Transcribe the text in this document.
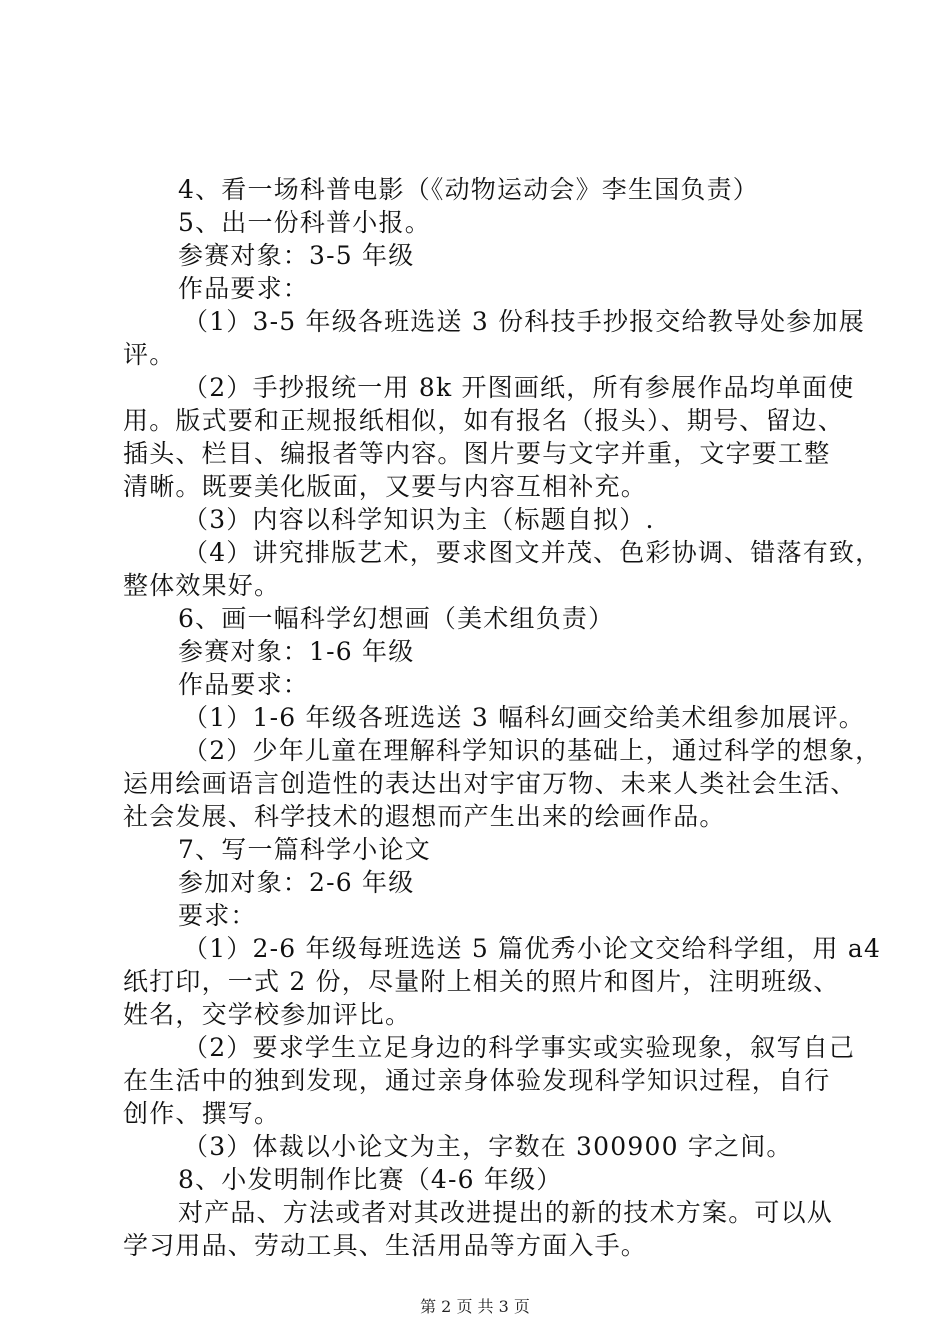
4、看一场科普电影（《动物运动会》李生国负责）
5、出一份科普小报。
参赛对象：3-5 年级
作品要求：
（1）3-5 年级各班选送 3 份科技手抄报交给教导处参加展
评。
（2）手抄报统一用 8k 开图画纸，所有参展作品均单面使
用。版式要和正规报纸相似，如有报名（报头）、期号、留边、
插头、栏目、编报者等内容。图片要与文字并重，文字要工整
清晰。既要美化版面，又要与内容互相补充。
（3）内容以科学知识为主（标题自拟）.
（4）讲究排版艺术，要求图文并茂、色彩协调、错落有致，
整体效果好。
6、画一幅科学幻想画（美术组负责）
参赛对象：1-6 年级
作品要求：
（1）1-6 年级各班选送 3 幅科幻画交给美术组参加展评。
（2）少年儿童在理解科学知识的基础上，通过科学的想象，
运用绘画语言创造性的表达出对宇宙万物、未来人类社会生活、
社会发展、科学技术的遐想而产生出来的绘画作品。
7、写一篇科学小论文
参加对象：2-6 年级
要求：
（1）2-6 年级每班选送 5 篇优秀小论文交给科学组，用 a4
纸打印，一式 2 份，尽量附上相关的照片和图片，注明班级、
姓名，交学校参加评比。
（2）要求学生立足身边的科学事实或实验现象，叙写自己
在生活中的独到发现，通过亲身体验发现科学知识过程，自行
创作、撰写。
（3）体裁以小论文为主，字数在 300900 字之间。
8、小发明制作比赛（4-6 年级）
对产品、方法或者对其改进提出的新的技术方案。可以从
学习用品、劳动工具、生活用品等方面入手。
第 2 页 共 3 页
